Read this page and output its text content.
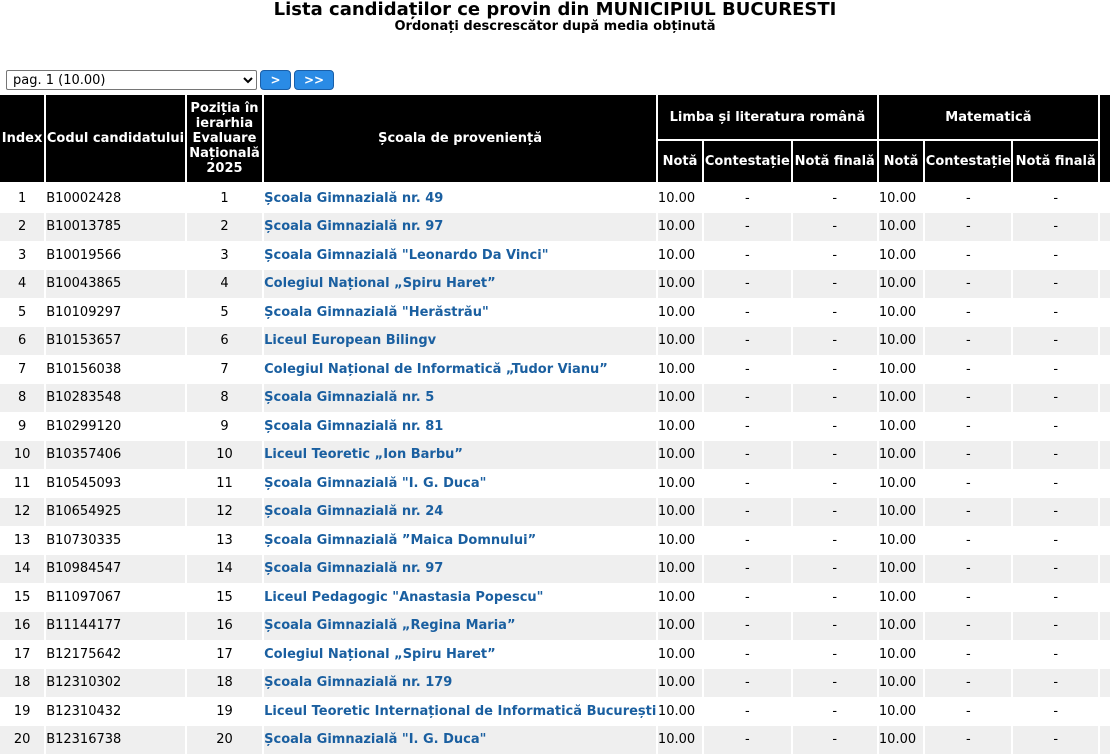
Lista candidaților ce provin din MUNICIPIUL BUCURESTI
Ordonați descrescător după media obținută
pag. 1 (10.00)
>	>>
Index	Codul candidatului	Poziția în ierarhia Evaluare Națională 2025	Școala de proveniență	Limba și literatura română			Matematică			
				Notă	Contestație	Notă finală	Notă	Contestație	Notă finală	
1	B10002428	1	Școala Gimnazială nr. 49	10.00	-	-	10.00	-	-	
2	B10013785	2	Școala Gimnazială nr. 97	10.00	-	-	10.00	-	-	
3	B10019566	3	Școala Gimnazială "Leonardo Da Vinci"	10.00	-	-	10.00	-	-	
4	B10043865	4	Colegiul Național „Spiru Haret”	10.00	-	-	10.00	-	-	
5	B10109297	5	Școala Gimnazială "Herăstrău"	10.00	-	-	10.00	-	-	
6	B10153657	6	Liceul European Bilingv	10.00	-	-	10.00	-	-	
7	B10156038	7	Colegiul Național de Informatică „Tudor Vianu”	10.00	-	-	10.00	-	-	
8	B10283548	8	Școala Gimnazială nr. 5	10.00	-	-	10.00	-	-	
9	B10299120	9	Școala Gimnazială nr. 81	10.00	-	-	10.00	-	-	
10	B10357406	10	Liceul Teoretic „Ion Barbu”	10.00	-	-	10.00	-	-	
11	B10545093	11	Școala Gimnazială "I. G. Duca"	10.00	-	-	10.00	-	-	
12	B10654925	12	Școala Gimnazială nr. 24	10.00	-	-	10.00	-	-	
13	B10730335	13	Școala Gimnazială ”Maica Domnului”	10.00	-	-	10.00	-	-	
14	B10984547	14	Școala Gimnazială nr. 97	10.00	-	-	10.00	-	-	
15	B11097067	15	Liceul Pedagogic "Anastasia Popescu"	10.00	-	-	10.00	-	-	
16	B11144177	16	Școala Gimnazială „Regina Maria”	10.00	-	-	10.00	-	-	
17	B12175642	17	Colegiul Național „Spiru Haret”	10.00	-	-	10.00	-	-	
18	B12310302	18	Școala Gimnazială nr. 179	10.00	-	-	10.00	-	-	
19	B12310432	19	Liceul Teoretic Internațional de Informatică București	10.00	-	-	10.00	-	-	
20	B12316738	20	Școala Gimnazială "I. G. Duca"	10.00	-	-	10.00	-	-	
